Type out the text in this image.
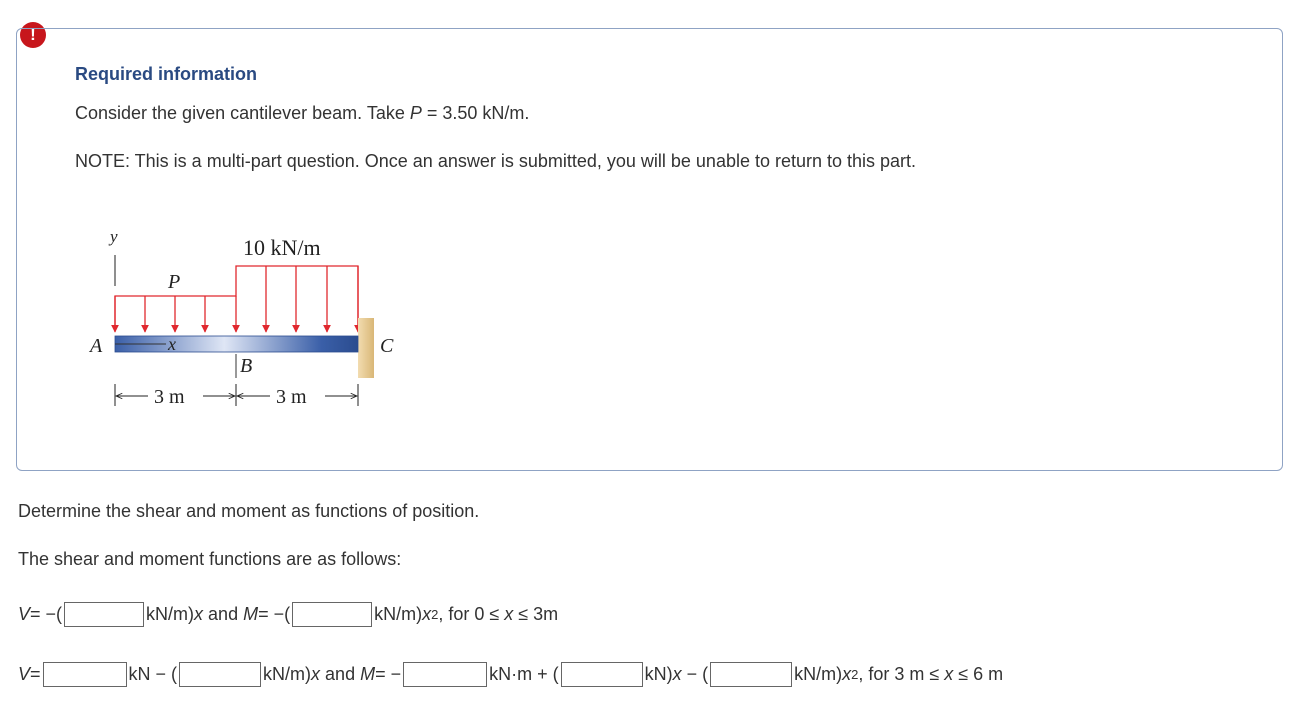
!
Required information
Consider the given cantilever beam. Take P = 3.50 kN/m.
NOTE: This is a multi-part question. Once an answer is submitted, you will be unable to return to this part.
y	10 kN/m
P
x
A	C
B
3 m	3 m
Determine the shear and moment as functions of position.
The shear and moment functions are as follows:
V = −(	kN/m) x and M = −(	kN/m) x 2 , for 0 ≤ x ≤ 3m
V =	kN − (	kN/m) x and M = −	kN·m + (	kN) x − (	kN/m) x 2 , for 3 m ≤ x ≤ 6 m
